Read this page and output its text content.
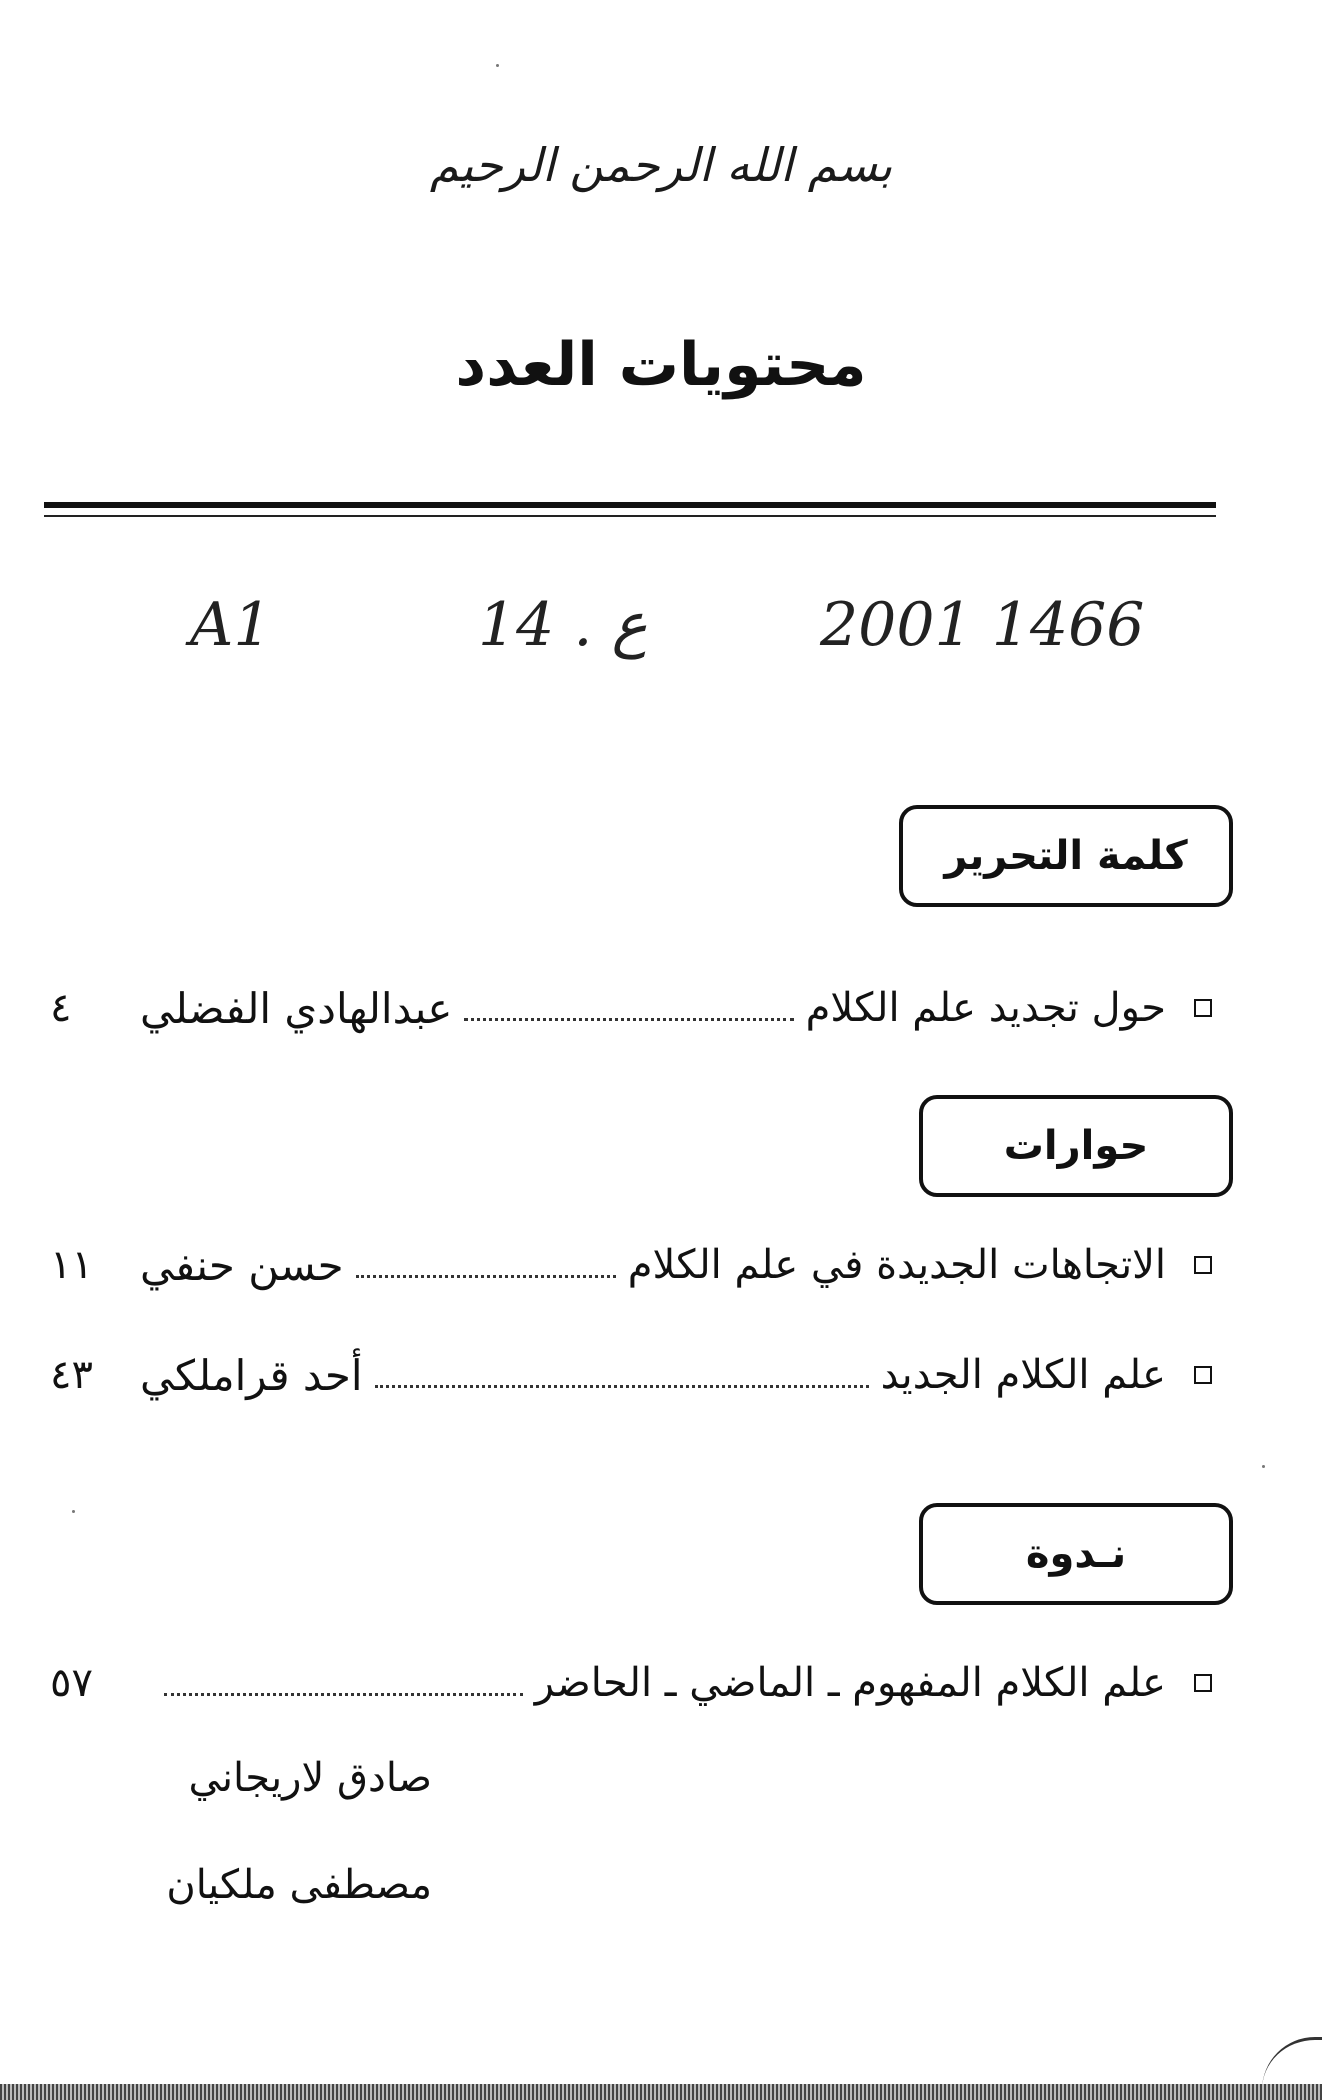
بسم الله الرحمن الرحيم
محتويات العدد
A1	14 . ع	2001 1466
كلمة التحرير
حول تجديد علم الكلام
عبدالهادي الفضلي
٤
حوارات
الاتجاهات الجديدة في علم الكلام
حسن حنفي
١١
علم الكلام الجديد
أحد قراملكي
٤٣
نـدوة
علم الكلام المفهوم ـ الماضي ـ الحاضر
٥٧
صادق لاريجاني
مصطفى ملكيان
